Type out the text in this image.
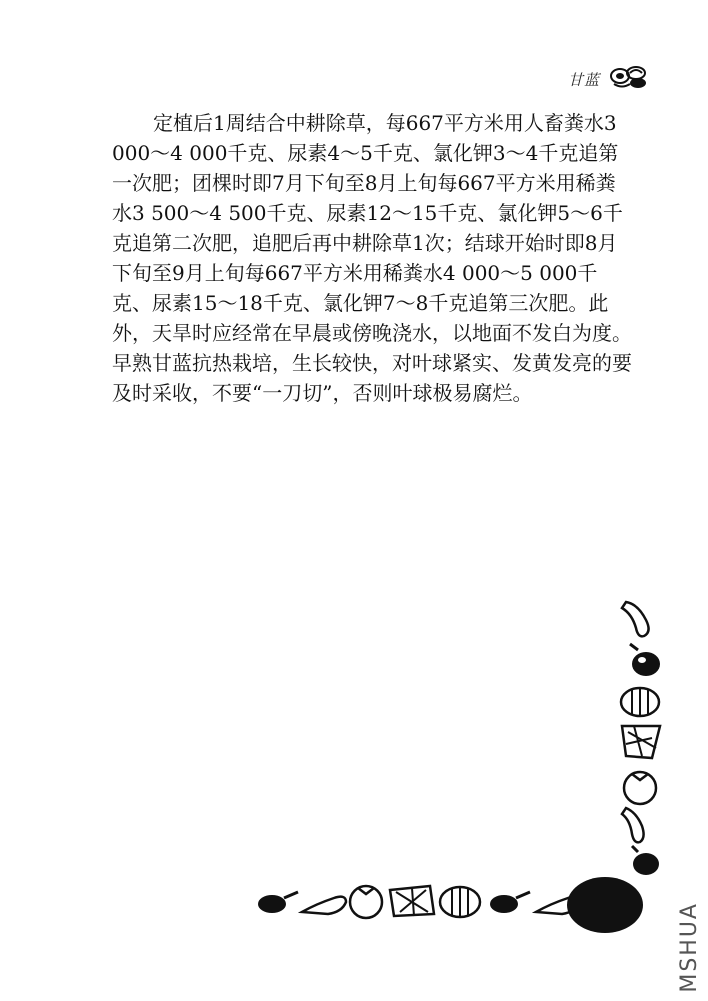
甘蓝

　　定植后1周结合中耕除草，每667平方米用人畜粪水3 000～4 000千克、尿素4～5千克、氯化钾3～4千克追第一次肥；团棵时即7月下旬至8月上旬每667平方米用稀粪水3 500～4 500千克、尿素12～15千克、氯化钾5～6千克追第二次肥，追肥后再中耕除草1次；结球开始时即8月下旬至9月上旬每667平方米用稀粪水4 000～5 000千克、尿素15～18千克、氯化钾7～8千克追第三次肥。此外，天旱时应经常在早晨或傍晚浇水，以地面不发白为度。早熟甘蓝抗热栽培，生长较快，对叶球紧实、发黄发亮的要及时采收，不要“一刀切”，否则叶球极易腐烂。

MSHUA
